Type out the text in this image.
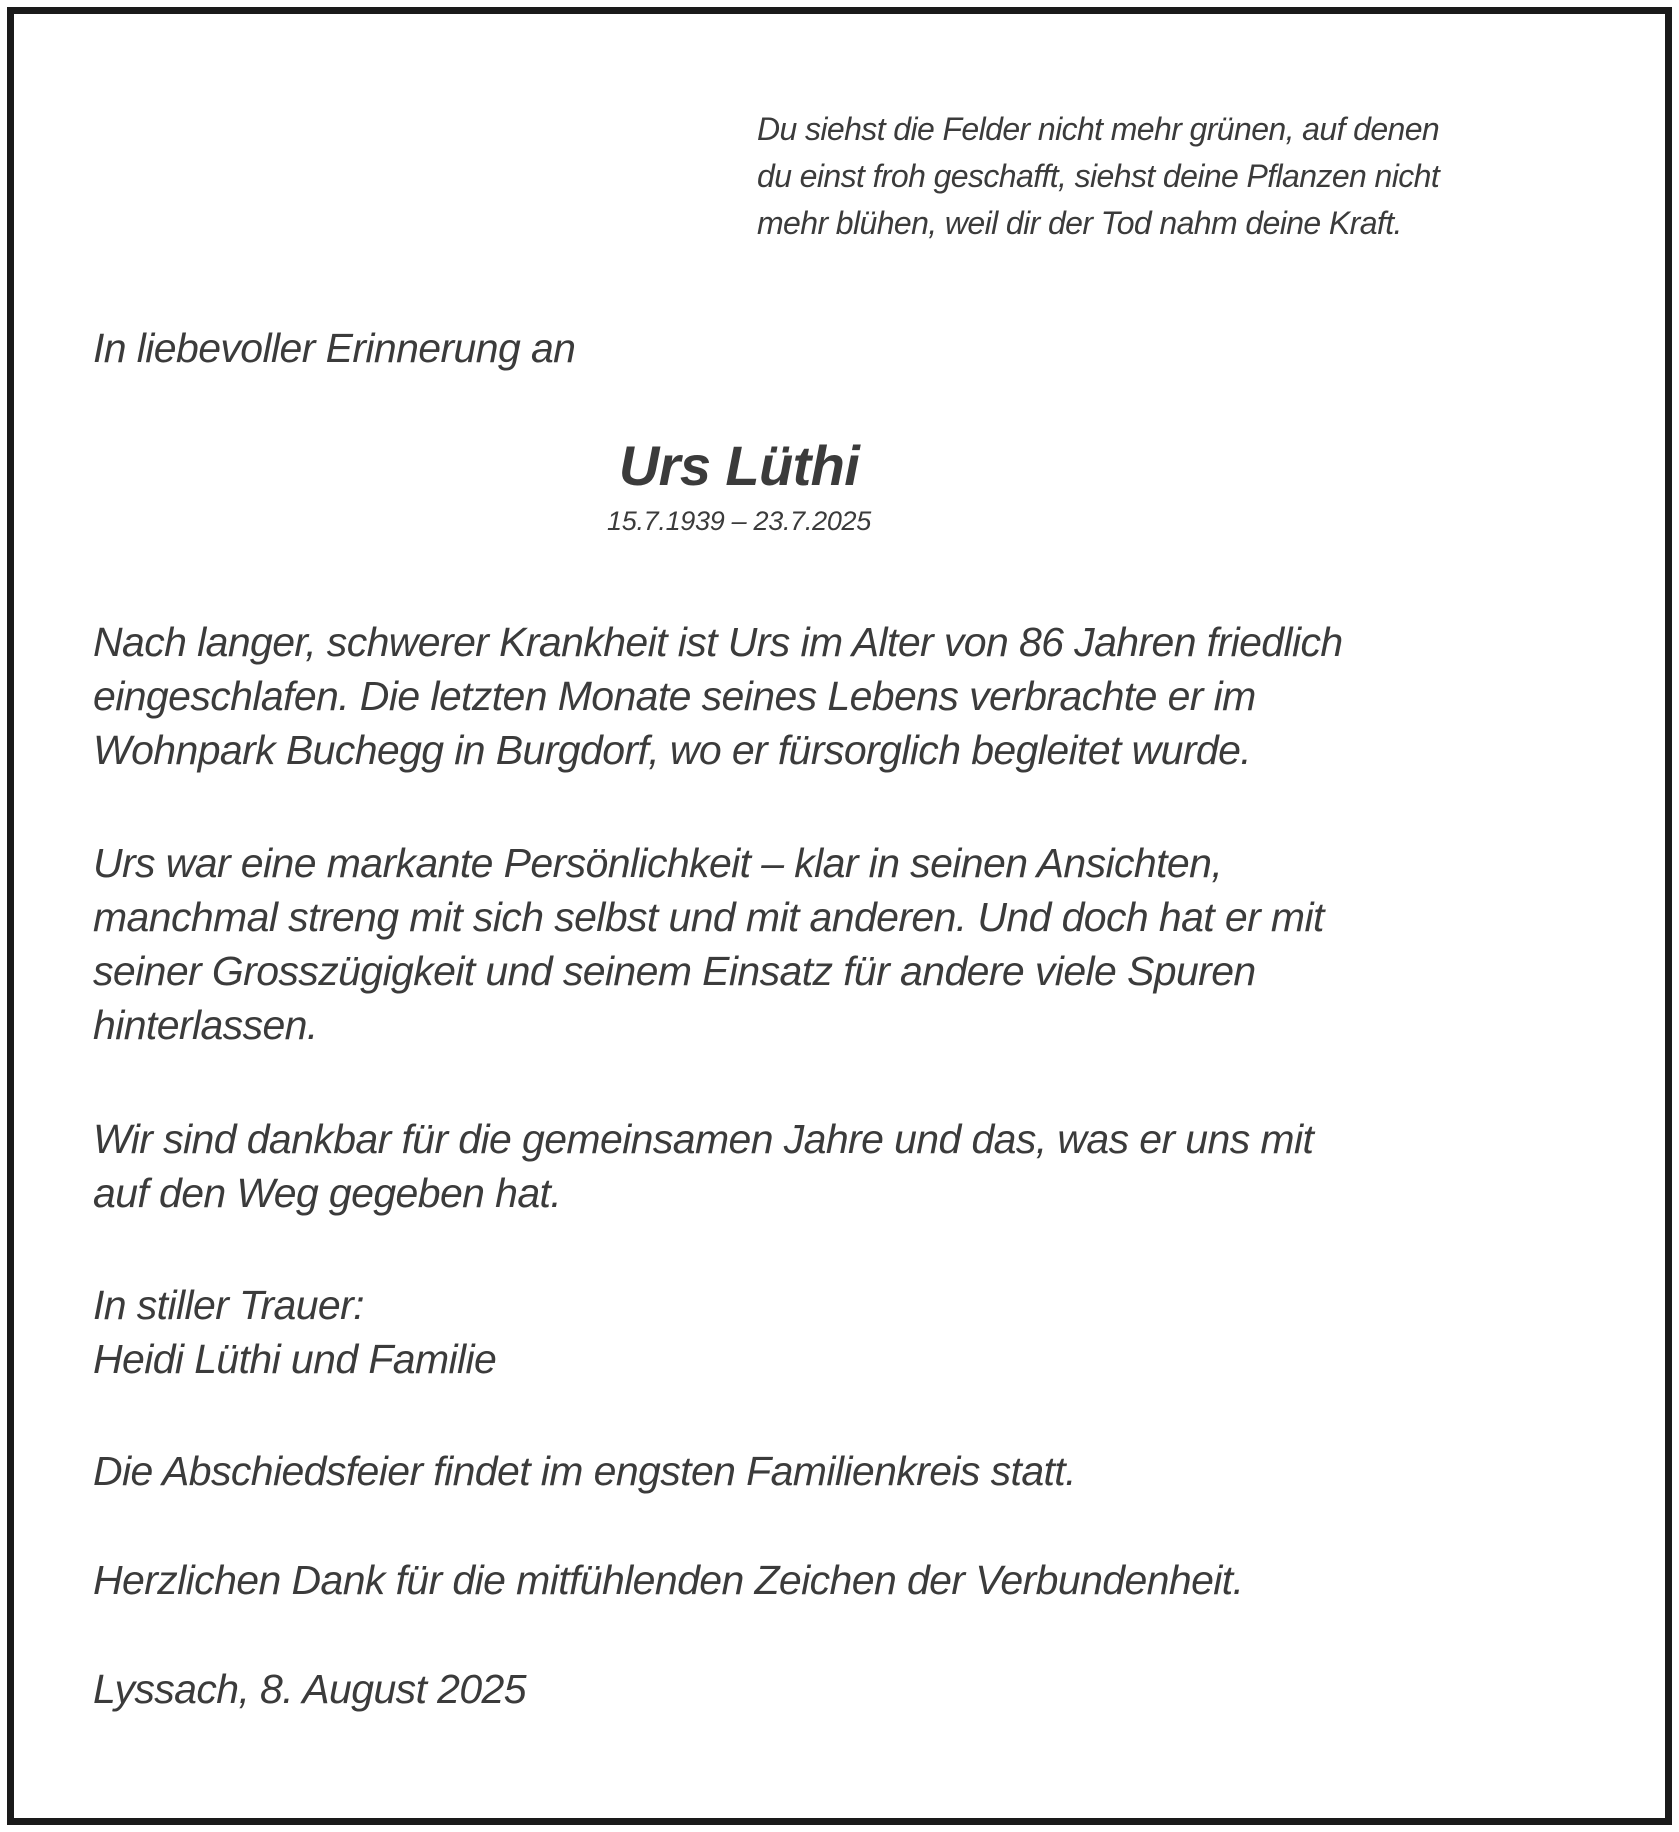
Du siehst die Felder nicht mehr grünen, auf denen
du einst froh geschafft, siehst deine Pflanzen nicht
mehr blühen, weil dir der Tod nahm deine Kraft.
In liebevoller Erinnerung an
Urs Lüthi
15.7.1939 – 23.7.2025
Nach langer, schwerer Krankheit ist Urs im Alter von 86 Jahren friedlich
eingeschlafen. Die letzten Monate seines Lebens verbrachte er im
Wohnpark Buchegg in Burgdorf, wo er fürsorglich begleitet wurde.
Urs war eine markante Persönlichkeit – klar in seinen Ansichten,
manchmal streng mit sich selbst und mit anderen. Und doch hat er mit
seiner Grosszügigkeit und seinem Einsatz für andere viele Spuren
hinterlassen.
Wir sind dankbar für die gemeinsamen Jahre und das, was er uns mit
auf den Weg gegeben hat.
In stiller Trauer:
Heidi Lüthi und Familie
Die Abschiedsfeier findet im engsten Familienkreis statt.
Herzlichen Dank für die mitfühlenden Zeichen der Verbundenheit.
Lyssach, 8. August 2025
